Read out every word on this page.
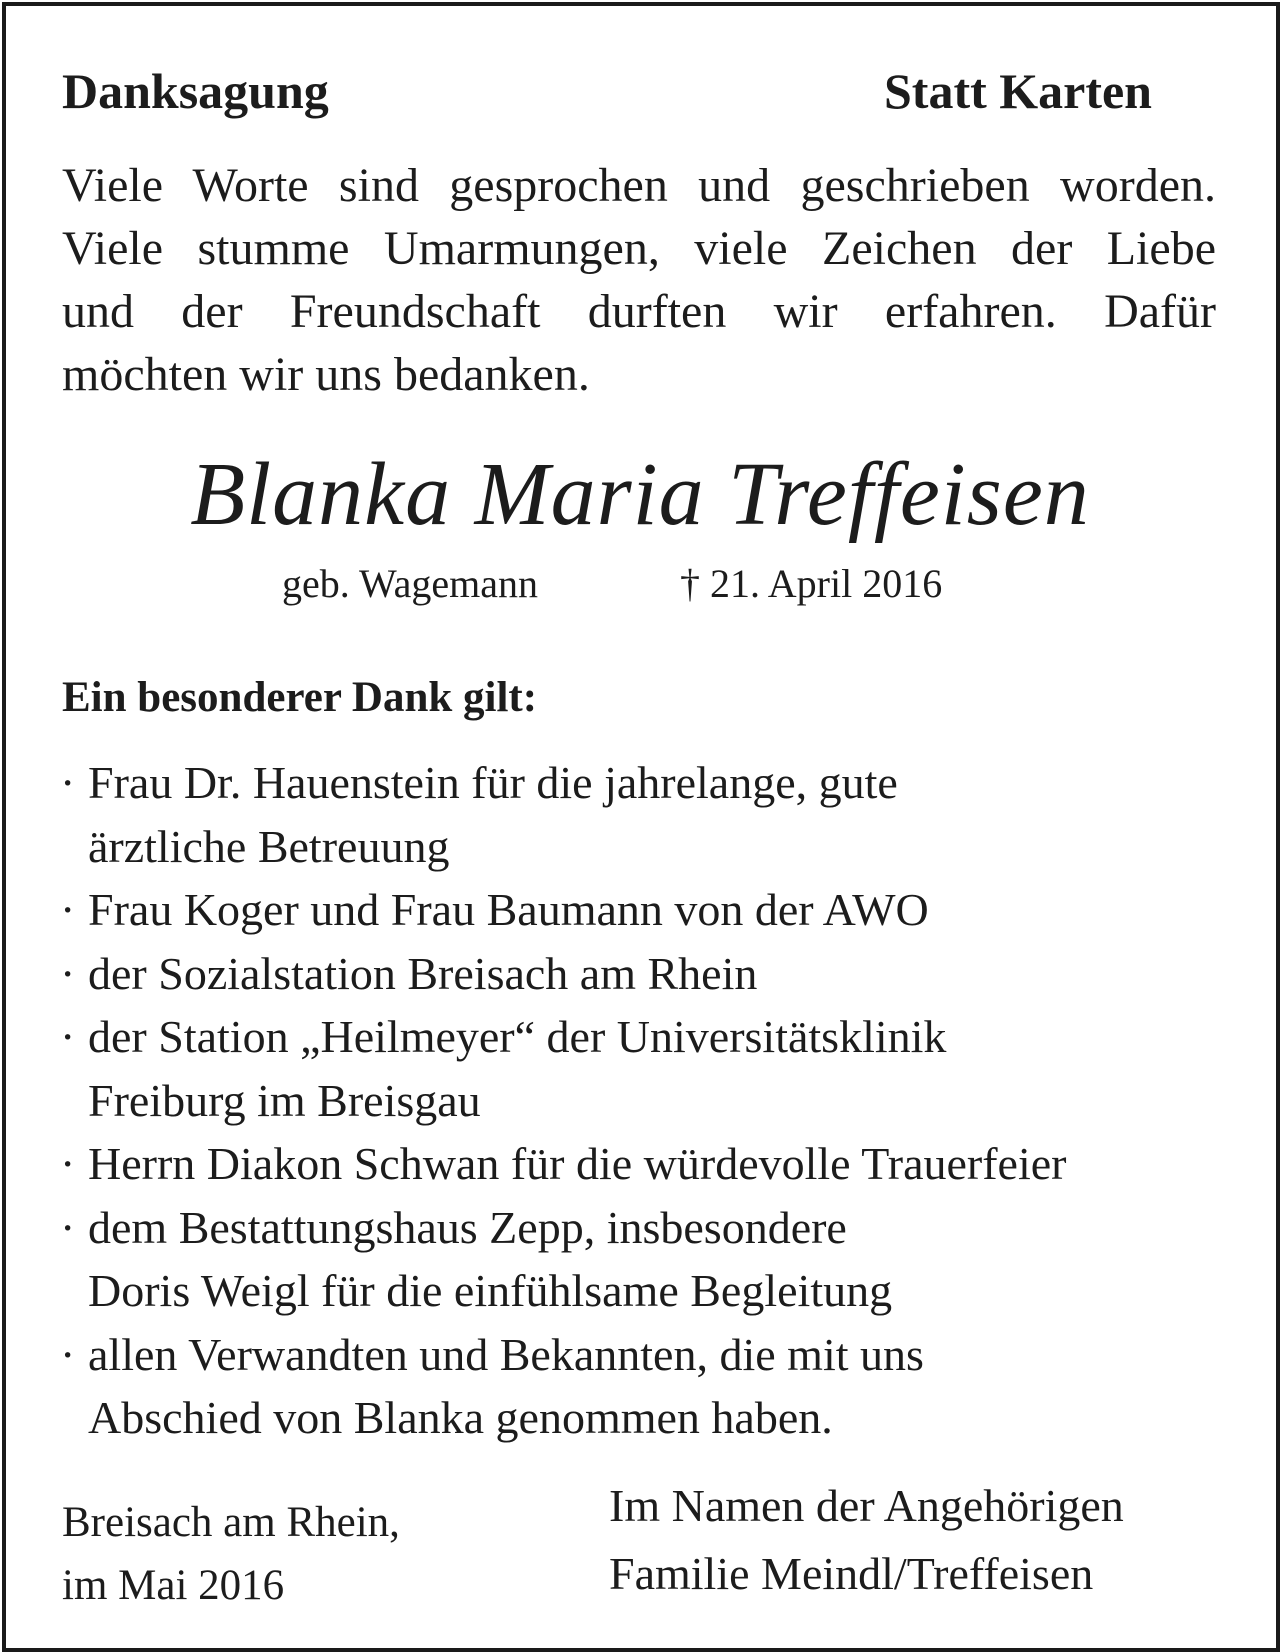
Danksagung	Statt Karten
Viele Worte sind gesprochen und geschrieben worden.
Viele stumme Umarmungen, viele Zeichen der Liebe
und der Freundschaft durften wir erfahren. Dafür
möchten wir uns bedanken.
Blanka Maria Treffeisen
geb. Wagemann	† 21. April 2016
Ein besonderer Dank gilt:
· Frau Dr. Hauenstein für die jahrelange, gute
ärztliche Betreuung
· Frau Koger und Frau Baumann von der AWO
· der Sozialstation Breisach am Rhein
· der Station „Heilmeyer“ der Universitätsklinik
Freiburg im Breisgau
· Herrn Diakon Schwan für die würdevolle Trauerfeier
· dem Bestattungshaus Zepp, insbesondere
Doris Weigl für die einfühlsame Begleitung
· allen Verwandten und Bekannten, die mit uns
Abschied von Blanka genommen haben.
Breisach am Rhein,
im Mai 2016
Im Namen der Angehörigen
Familie Meindl/Treffeisen
